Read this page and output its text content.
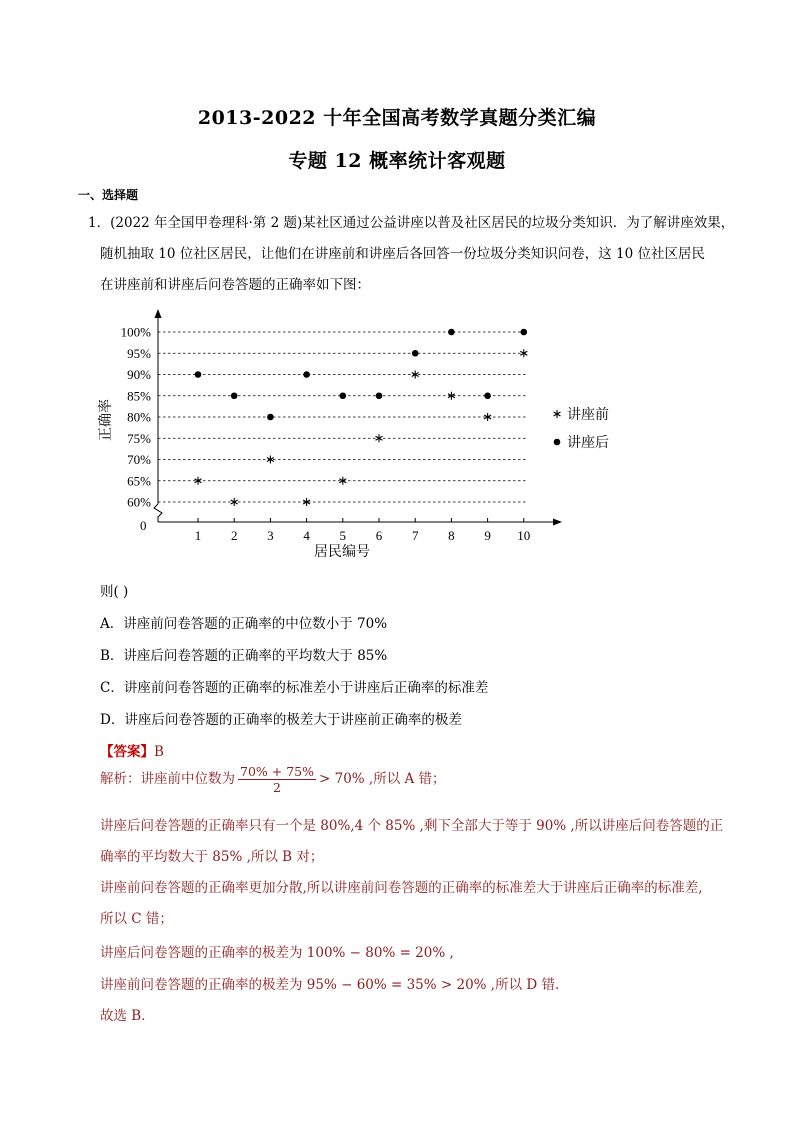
2013-2022 十年全国高考数学真题分类汇编
专题 12 概率统计客观题
一、选择题
1．(2022 年全国甲卷理科·第 2 题)某社区通过公益讲座以普及社区居民的垃圾分类知识．为了解讲座效果，
随机抽取 10 位社区居民，让他们在讲座前和讲座后各回答一份垃圾分类知识问卷，这 10 位社区居民
在讲座前和讲座后问卷答题的正确率如下图：
0
60%
65%
70%
75%
80%
85%
90%
95%
100%
1 2 3 4 5 6 7 8 9 10
居民编号
正确率	讲座前
讲座后
则( )
A．讲座前问卷答题的正确率的中位数小于 70%
B．讲座后问卷答题的正确率的平均数大于 85%
C．讲座前问卷答题的正确率的标准差小于讲座后正确率的标准差
D．讲座后问卷答题的正确率的极差大于讲座前正确率的极差
【答案】B
解析：讲座前中位数为 $\frac{70\% + 75\%}{2} > 70\%$ ,所以 A 错；
讲座后问卷答题的正确率只有一个是 80%,4 个 85% ,剩下全部大于等于 90% ,所以讲座后问卷答题的正
确率的平均数大于 85% ,所以 B 对；
讲座前问卷答题的正确率更加分散,所以讲座前问卷答题的正确率的标准差大于讲座后正确率的标准差,
所以 C 错；
讲座后问卷答题的正确率的极差为 100% − 80% = 20% ,
讲座前问卷答题的正确率的极差为 95% − 60% = 35% > 20% ,所以 D 错．
故选 B．
